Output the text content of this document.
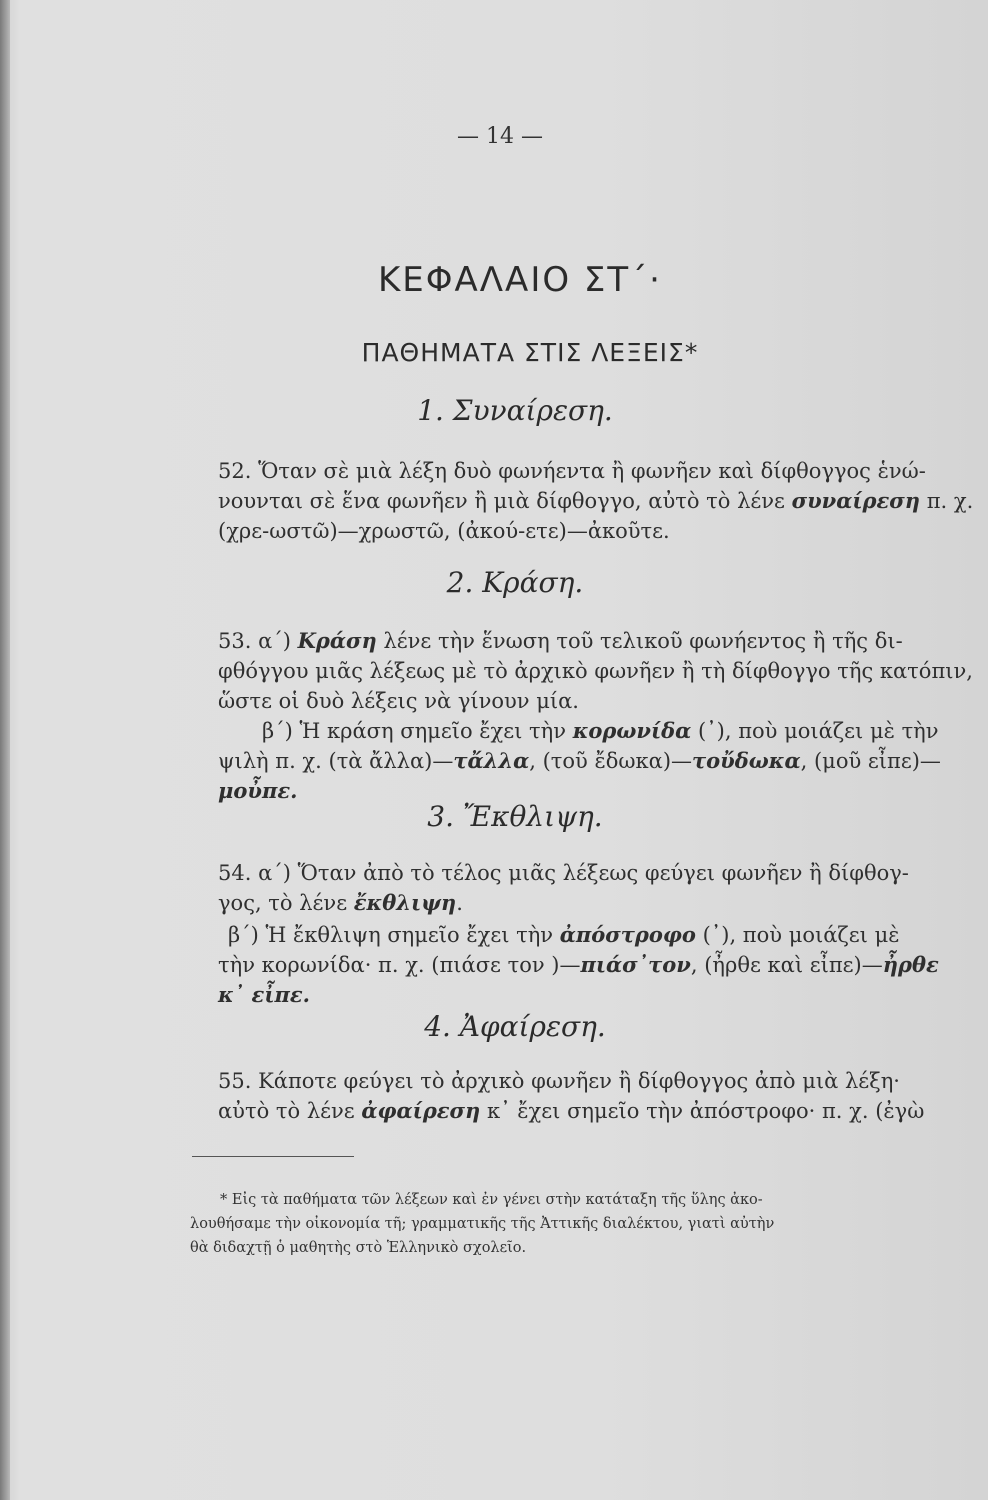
— 14 —
ΚΕΦΑΛΑΙΟ ΣΤ΄·
ΠΑΘΗΜΑΤΑ ΣΤΙΣ ΛΕΞΕΙΣ*
1. Συναίρεση.
52. Ὅταν σὲ μιὰ λέξη δυὸ φωνήεντα ἢ φωνῆεν καὶ δίφθογγος ἑνώ-
νουνται σὲ ἕνα φωνῆεν ἢ μιὰ δίφθογγο, αὐτὸ τὸ λένε συναίρεση π. χ.
(χρε-ωστῶ)—χρωστῶ, (ἀκού-ετε)—ἀκοῦτε.
2. Κράση.
53. α΄) Κράση λένε τὴν ἕνωση τοῦ τελικοῦ φωνήεντος ἢ τῆς δι-
φθόγγου μιᾶς λέξεως μὲ τὸ ἀρχικὸ φωνῆεν ἢ τὴ δίφθογγο τῆς κατόπιν,
ὥστε οἱ δυὸ λέξεις νὰ γίνουν μία.
β΄) Ἡ κράση σημεῖο ἔχει τὴν κορωνίδα (᾽), ποὺ μοιάζει μὲ τὴν
ψιλὴ π. χ. (τὰ ἄλλα)—τἄλλα, (τοῦ ἔδωκα)—τοὔδωκα, (μοῦ εἶπε)—
μοὖπε.
3. Ἔκθλιψη.
54. α΄) Ὅταν ἀπὸ τὸ τέλος μιᾶς λέξεως φεύγει φωνῆεν ἢ δίφθογ-
γος, τὸ λένε ἔκθλιψη.
β΄) Ἡ ἔκθλιψη σημεῖο ἔχει τὴν ἀπόστροφο (᾽), ποὺ μοιάζει μὲ
τὴν κορωνίδα· π. χ. (πιάσε τον )—πιάσ᾽τον, (ἦρθε καὶ εἶπε)—ἦρθε
κ᾽ εἶπε.
4. Ἀφαίρεση.
55. Κάποτε φεύγει τὸ ἀρχικὸ φωνῆεν ἢ δίφθογγος ἀπὸ μιὰ λέξη·
αὐτὸ τὸ λένε ἀφαίρεση κ᾽ ἔχει σημεῖο τὴν ἀπόστροφο· π. χ. (ἐγὼ
* Εἰς τὰ παθήματα τῶν λέξεων καὶ ἐν γένει στὴν κατάταξη τῆς ὕλης ἀκο-
λουθήσαμε τὴν οἰκονομία τῆ; γραμματικῆς τῆς Ἀττικῆς διαλέκτου, γιατὶ αὐτὴν
θὰ διδαχτῇ ὁ μαθητὴς στὸ Ἑλληνικὸ σχολεῖο.
